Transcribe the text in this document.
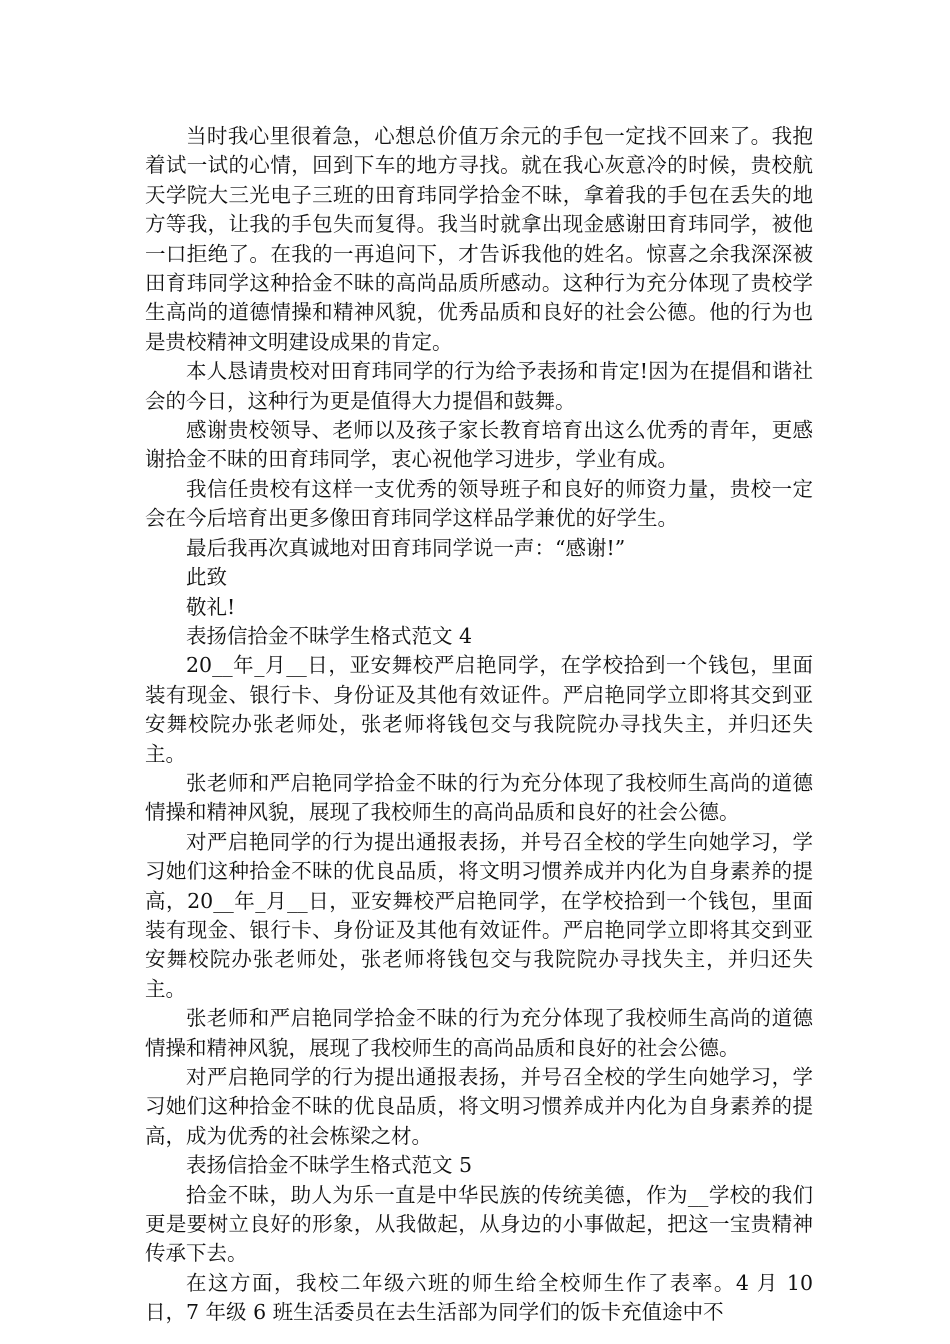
当时我心里很着急，心想总价值万余元的手包一定找不回来了。我抱着试一试的心情，回到下车的地方寻找。就在我心灰意冷的时候，贵校航天学院大三光电子三班的田育玮同学拾金不昧，拿着我的手包在丢失的地方等我，让我的手包失而复得。我当时就拿出现金感谢田育玮同学，被他一口拒绝了。在我的一再追问下，才告诉我他的姓名。惊喜之余我深深被田育玮同学这种拾金不昧的高尚品质所感动。这种行为充分体现了贵校学生高尚的道德情操和精神风貌，优秀品质和良好的社会公德。他的行为也是贵校精神文明建设成果的肯定。

本人恳请贵校对田育玮同学的行为给予表扬和肯定!因为在提倡和谐社会的今日，这种行为更是值得大力提倡和鼓舞。

感谢贵校领导、老师以及孩子家长教育培育出这么优秀的青年，更感谢拾金不昧的田育玮同学，衷心祝他学习进步，学业有成。

我信任贵校有这样一支优秀的领导班子和良好的师资力量，贵校一定会在今后培育出更多像田育玮同学这样品学兼优的好学生。

最后我再次真诚地对田育玮同学说一声：“感谢!”

此致

敬礼!

表扬信拾金不昧学生格式范文 4

20__年_月__日，亚安舞校严启艳同学，在学校拾到一个钱包，里面装有现金、银行卡、身份证及其他有效证件。严启艳同学立即将其交到亚安舞校院办张老师处，张老师将钱包交与我院院办寻找失主，并归还失主。

张老师和严启艳同学拾金不昧的行为充分体现了我校师生高尚的道德情操和精神风貌，展现了我校师生的高尚品质和良好的社会公德。

对严启艳同学的行为提出通报表扬，并号召全校的学生向她学习，学习她们这种拾金不昧的优良品质，将文明习惯养成并内化为自身素养的提高，20__年_月__日，亚安舞校严启艳同学，在学校拾到一个钱包，里面装有现金、银行卡、身份证及其他有效证件。严启艳同学立即将其交到亚安舞校院办张老师处，张老师将钱包交与我院院办寻找失主，并归还失主。

张老师和严启艳同学拾金不昧的行为充分体现了我校师生高尚的道德情操和精神风貌，展现了我校师生的高尚品质和良好的社会公德。

对严启艳同学的行为提出通报表扬，并号召全校的学生向她学习，学习她们这种拾金不昧的优良品质，将文明习惯养成并内化为自身素养的提高，成为优秀的社会栋梁之材。

表扬信拾金不昧学生格式范文 5

拾金不昧，助人为乐一直是中华民族的传统美德，作为__学校的我们更是要树立良好的形象，从我做起，从身边的小事做起，把这一宝贵精神传承下去。

在这方面，我校二年级六班的师生给全校师生作了表率。4 月 10 日，7 年级 6 班生活委员在去生活部为同学们的饭卡充值途中不
